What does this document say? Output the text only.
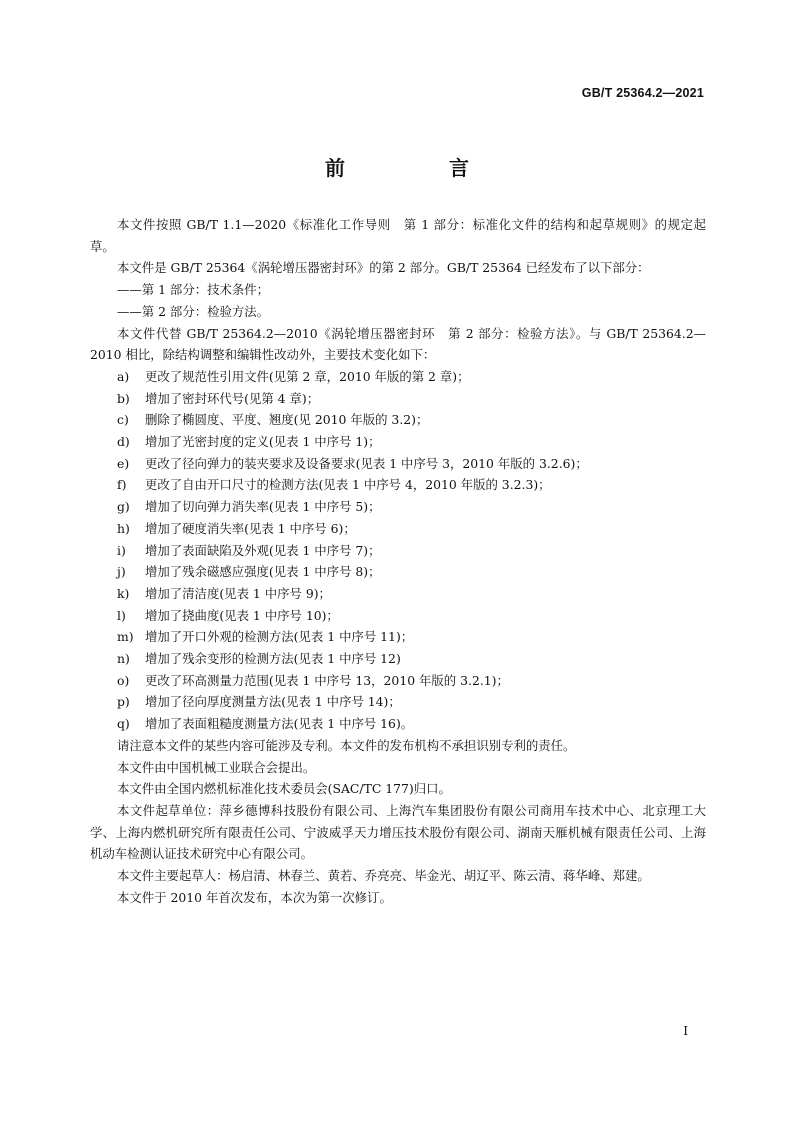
GB/T 25364.2—2021
前　言

本文件按照 GB/T 1.1—2020《标准化工作导则　第 1 部分：标准化文件的结构和起草规则》的规定起草。

本文件是 GB/T 25364《涡轮增压器密封环》的第 2 部分。GB/T 25364 已经发布了以下部分：

——第 1 部分：技术条件；

——第 2 部分：检验方法。

本文件代替 GB/T 25364.2—2010《涡轮增压器密封环　第 2 部分：检验方法》。与 GB/T 25364.2—2010 相比，除结构调整和编辑性改动外，主要技术变化如下：

a) 更改了规范性引用文件(见第 2 章，2010 年版的第 2 章)；

b) 增加了密封环代号(见第 4 章)；

c) 删除了椭圆度、平度、翘度(见 2010 年版的 3.2)；

d) 增加了光密封度的定义(见表 1 中序号 1)；

e) 更改了径向弹力的装夹要求及设备要求(见表 1 中序号 3，2010 年版的 3.2.6)；

f) 更改了自由开口尺寸的检测方法(见表 1 中序号 4，2010 年版的 3.2.3)；

g) 增加了切向弹力消失率(见表 1 中序号 5)；

h) 增加了硬度消失率(见表 1 中序号 6)；

i) 增加了表面缺陷及外观(见表 1 中序号 7)；

j) 增加了残余磁感应强度(见表 1 中序号 8)；

k) 增加了清洁度(见表 1 中序号 9)；

l) 增加了挠曲度(见表 1 中序号 10)；

m) 增加了开口外观的检测方法(见表 1 中序号 11)；

n) 增加了残余变形的检测方法(见表 1 中序号 12)

o) 更改了环高测量力范围(见表 1 中序号 13，2010 年版的 3.2.1)；

p) 增加了径向厚度测量方法(见表 1 中序号 14)；

q) 增加了表面粗糙度测量方法(见表 1 中序号 16)。

请注意本文件的某些内容可能涉及专利。本文件的发布机构不承担识别专利的责任。

本文件由中国机械工业联合会提出。

本文件由全国内燃机标准化技术委员会(SAC/TC 177)归口。

本文件起草单位：萍乡德博科技股份有限公司、上海汽车集团股份有限公司商用车技术中心、北京理工大学、上海内燃机研究所有限责任公司、宁波威孚天力增压技术股份有限公司、湖南天雁机械有限责任公司、上海机动车检测认证技术研究中心有限公司。

本文件主要起草人：杨启清、林春兰、黄若、乔亮亮、毕金光、胡辽平、陈云清、蒋华峰、郑建。

本文件于 2010 年首次发布，本次为第一次修订。

I
